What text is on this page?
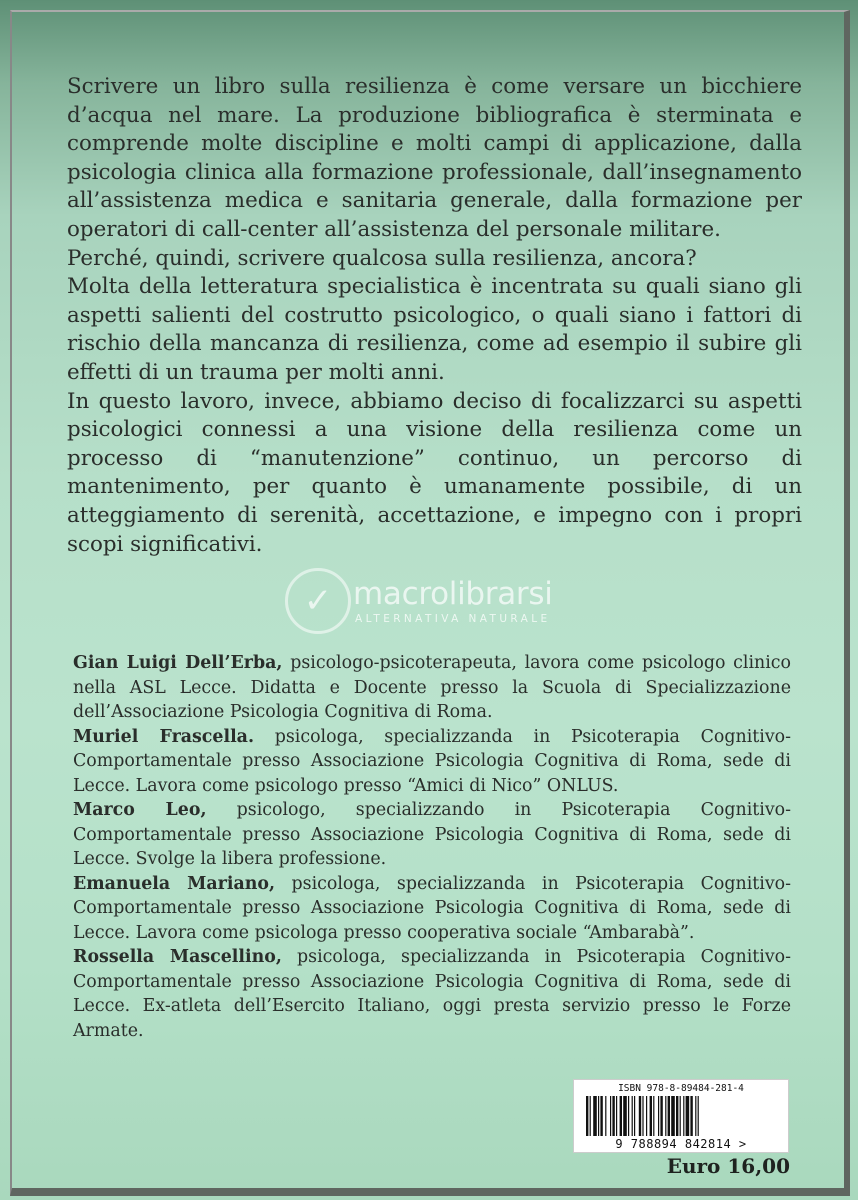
Scrivere un libro sulla resilienza è come versare un bicchiere d’acqua nel mare. La produzione bibliografica è sterminata e comprende molte discipline e molti campi di applicazione, dalla psicologia clinica alla formazione professionale, dall’insegnamento all’assistenza medica e sanitaria generale, dalla formazione per operatori di call-center all’assistenza del personale militare.

Perché, quindi, scrivere qualcosa sulla resilienza, ancora?

Molta della letteratura specialistica è incentrata su quali siano gli aspetti salienti del costrutto psicologico, o quali siano i fattori di rischio della mancanza di resilienza, come ad esempio il subire gli effetti di un trauma per molti anni.

In questo lavoro, invece, abbiamo deciso di focalizzarci su aspetti psicologici connessi a una visione della resilienza come un processo di “manutenzione” continuo, un percorso di mantenimento, per quanto è umanamente possibile, di un atteggiamento di serenità, accettazione, e impegno con i propri scopi significativi.

✓ macrolibrarsi
ALTERNATIVA NATURALE

Gian Luigi Dell’Erba, psicologo-psicoterapeuta, lavora come psicologo clinico nella ASL Lecce. Didatta e Docente presso la Scuola di Specializzazione dell’Associazione Psicologia Cognitiva di Roma.

Muriel Frascella. psicologa, specializzanda in Psicoterapia Cognitivo-Comportamentale presso Associazione Psicologia Cognitiva di Roma, sede di Lecce. Lavora come psicologo presso “Amici di Nico” ONLUS.

Marco Leo, psicologo, specializzando in Psicoterapia Cognitivo-Comportamentale presso Associazione Psicologia Cognitiva di Roma, sede di Lecce. Svolge la libera professione.

Emanuela Mariano, psicologa, specializzanda in Psicoterapia Cognitivo-Comportamentale presso Associazione Psicologia Cognitiva di Roma, sede di Lecce. Lavora come psicologa presso cooperativa sociale “Ambarabà”.

Rossella Mascellino, psicologa, specializzanda in Psicoterapia Cognitivo-Comportamentale presso Associazione Psicologia Cognitiva di Roma, sede di Lecce. Ex-atleta dell’Esercito Italiano, oggi presta servizio presso le Forze Armate.

ISBN 978-8-89484-281-4
9 788894 842814 >
Euro 16,00
